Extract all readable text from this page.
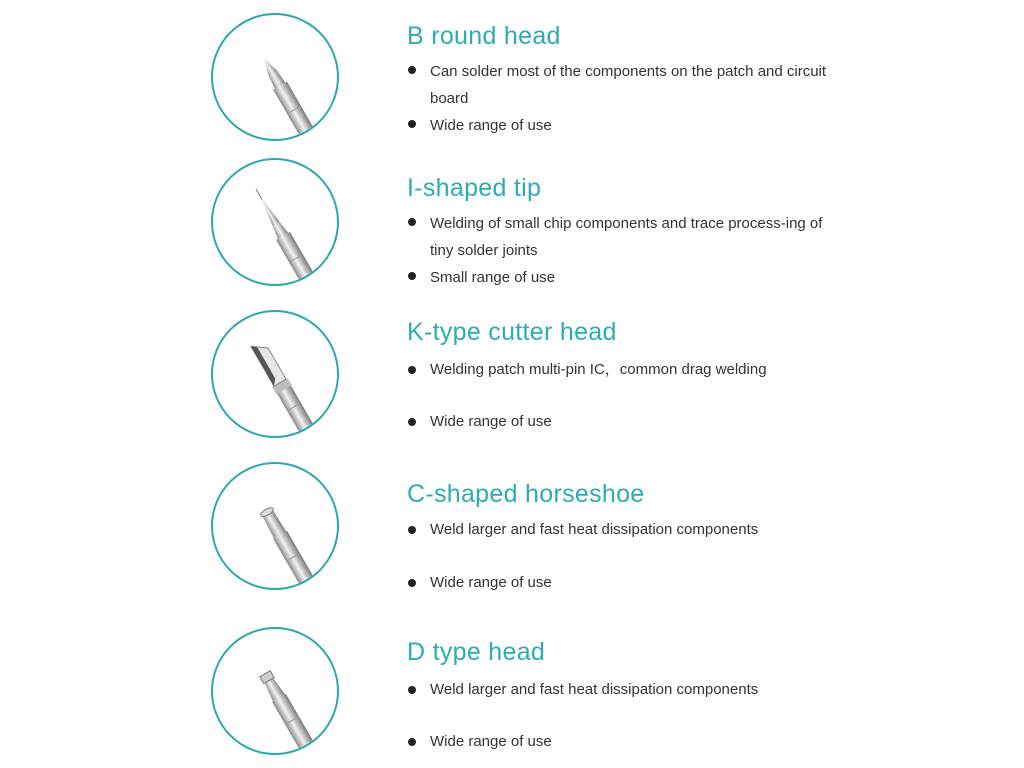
B round head
Can solder most of the components on the patch and circuit board
Wide range of use
I-shaped tip
Welding of small chip components and trace process-ing of tiny solder joints
Small range of use
K-type cutter head
Welding patch multi-pin IC，common drag welding
Wide range of use
C-shaped horseshoe
Weld larger and fast heat dissipation components
Wide range of use
D type head
Weld larger and fast heat dissipation components
Wide range of use
